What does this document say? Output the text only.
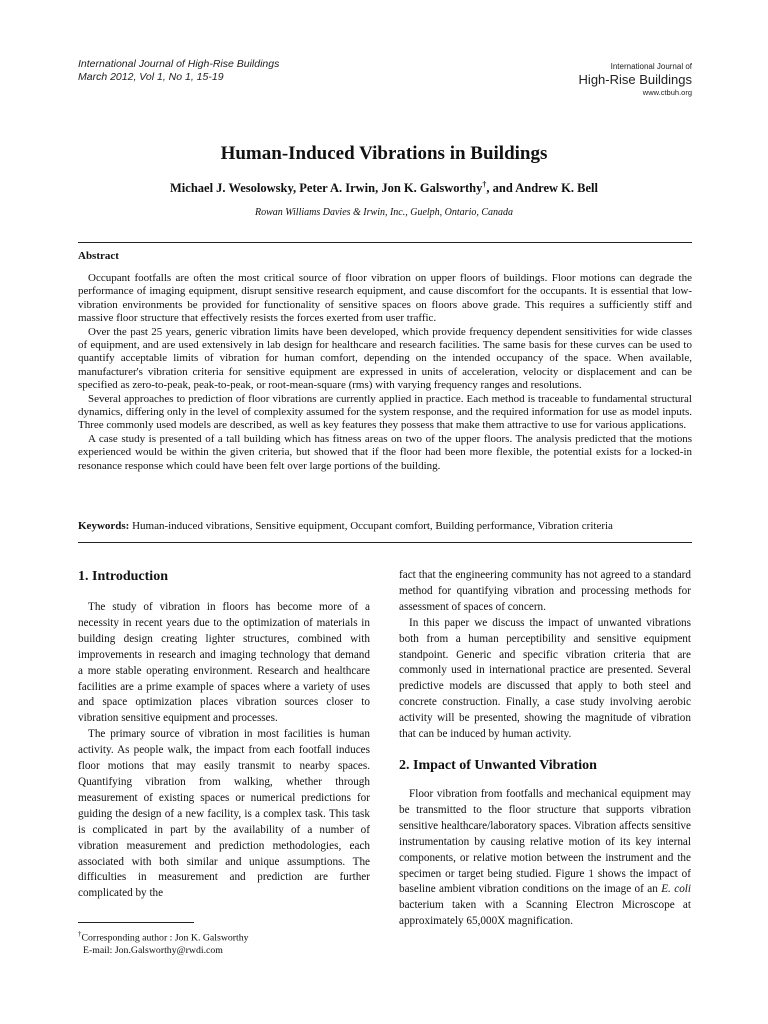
International Journal of High-Rise Buildings
March 2012, Vol 1, No 1, 15-19
International Journal of
High-Rise Buildings
www.ctbuh.org
Human-Induced Vibrations in Buildings
Michael J. Wesolowsky, Peter A. Irwin, Jon K. Galsworthy†, and Andrew K. Bell
Rowan Williams Davies & Irwin, Inc., Guelph, Ontario, Canada
Abstract

Occupant footfalls are often the most critical source of floor vibration on upper floors of buildings. Floor motions can degrade the performance of imaging equipment, disrupt sensitive research equipment, and cause discomfort for the occupants. It is essential that low-vibration environments be provided for functionality of sensitive spaces on floors above grade. This requires a sufficiently stiff and massive floor structure that effectively resists the forces exerted from user traffic.

Over the past 25 years, generic vibration limits have been developed, which provide frequency dependent sensitivities for wide classes of equipment, and are used extensively in lab design for healthcare and research facilities. The same basis for these curves can be used to quantify acceptable limits of vibration for human comfort, depending on the intended occupancy of the space. When available, manufacturer's vibration criteria for sensitive equipment are expressed in units of acceleration, velocity or displacement and can be specified as zero-to-peak, peak-to-peak, or root-mean-square (rms) with varying frequency ranges and resolutions.

Several approaches to prediction of floor vibrations are currently applied in practice. Each method is traceable to fundamental structural dynamics, differing only in the level of complexity assumed for the system response, and the required information for use as model inputs. Three commonly used models are described, as well as key features they possess that make them attractive to use for various applications.

A case study is presented of a tall building which has fitness areas on two of the upper floors. The analysis predicted that the motions experienced would be within the given criteria, but showed that if the floor had been more flexible, the potential exists for a locked-in resonance response which could have been felt over large portions of the building.

Keywords: Human-induced vibrations, Sensitive equipment, Occupant comfort, Building performance, Vibration criteria
1. Introduction

The study of vibration in floors has become more of a necessity in recent years due to the optimization of materials in building design creating lighter structures, combined with improvements in research and imaging technology that demand a more stable operating environment. Research and healthcare facilities are a prime example of spaces where a variety of uses and space optimization places vibration sources closer to vibration sensitive equipment and processes.

The primary source of vibration in most facilities is human activity. As people walk, the impact from each footfall induces floor motions that may easily transmit to nearby spaces. Quantifying vibration from walking, whether through measurement of existing spaces or numerical predictions for guiding the design of a new facility, is a complex task. This task is complicated in part by the availability of a number of vibration measurement and prediction methodologies, each associated with both similar and unique assumptions. The difficulties in measurement and prediction are further complicated by the

fact that the engineering community has not agreed to a standard method for quantifying vibration and processing methods for assessment of spaces of concern.

In this paper we discuss the impact of unwanted vibrations both from a human perceptibility and sensitive equipment standpoint. Generic and specific vibration criteria that are commonly used in international practice are presented. Several predictive models are discussed that apply to both steel and concrete construction. Finally, a case study involving aerobic activity will be presented, showing the magnitude of vibration that can be induced by human activity.

2. Impact of Unwanted Vibration

Floor vibration from footfalls and mechanical equipment may be transmitted to the floor structure that supports vibration sensitive healthcare/laboratory spaces. Vibration affects sensitive instrumentation by causing relative motion of its key internal components, or relative motion between the instrument and the specimen or target being studied. Figure 1 shows the impact of baseline ambient vibration conditions on the image of an E. coli bacterium taken with a Scanning Electron Microscope at approximately 65,000X magnification.

†Corresponding author : Jon K. Galsworthy
E-mail: Jon.Galsworthy@rwdi.com
